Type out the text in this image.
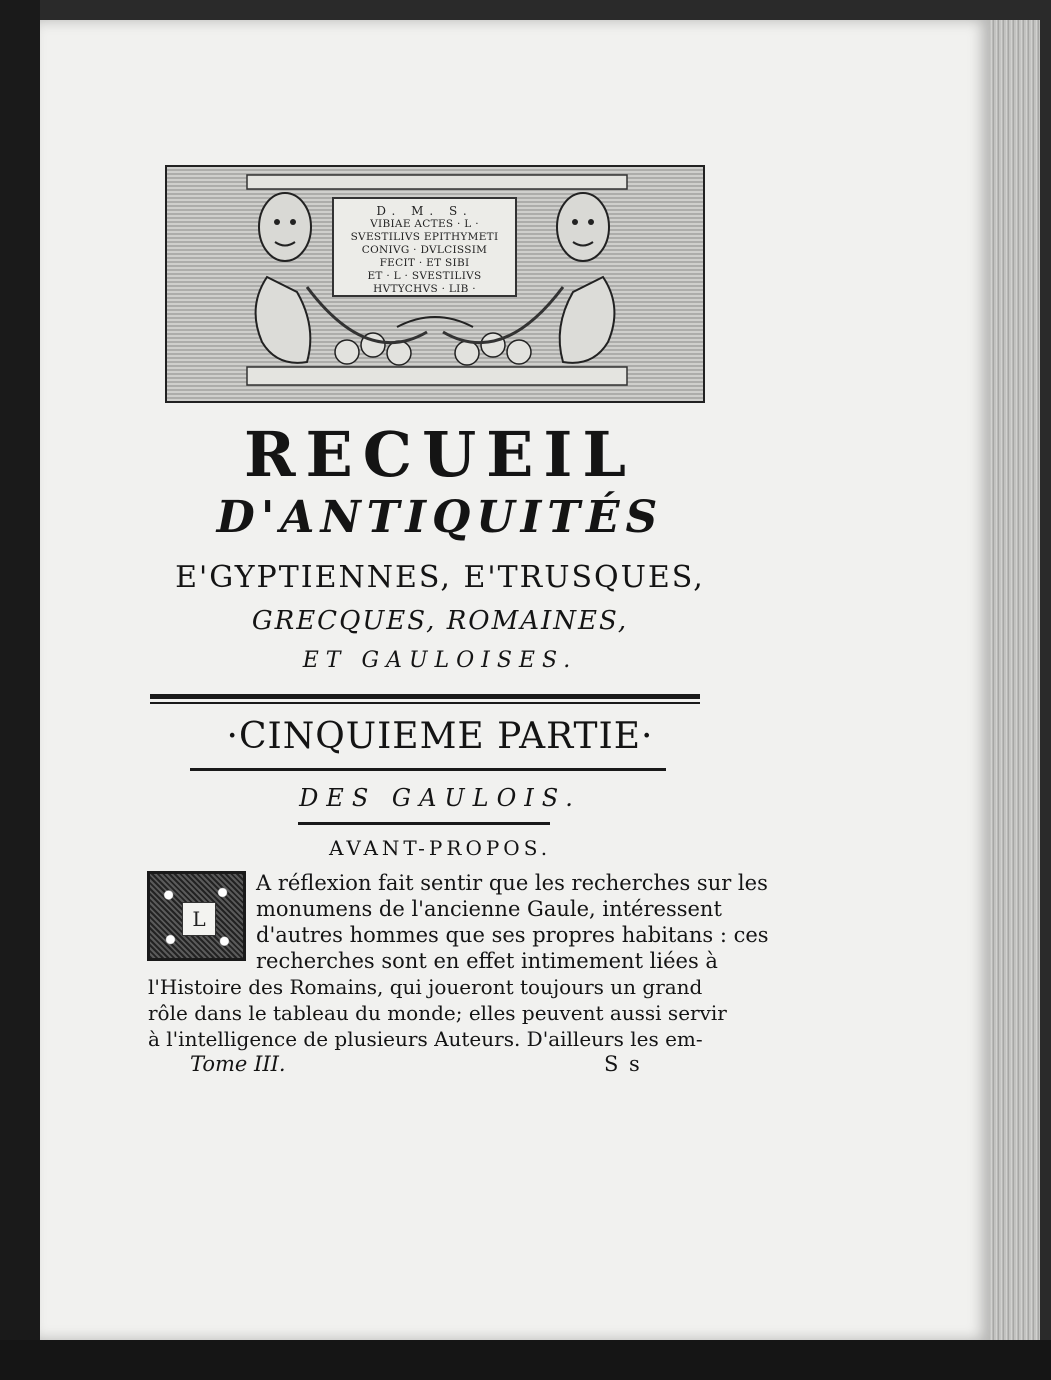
D. M. S.
VIBIAE ACTES · L ·
SVESTILIVS EPITHYMETI
CONIVG · DVLCISSIM
FECIT · ET SIBI
ET · L · SVESTILIVS
HVTYCHVS · LIB ·
RECUEIL
D'ANTIQUITÉS
E'GYPTIENNES, E'TRUSQUES,
GRECQUES, ROMAINES,
ET GAULOISES.
·CINQUIEME PARTIE·
DES GAULOIS.
AVANT-PROPOS.
L
A réflexion fait sentir que les recherches sur les
monumens de l'ancienne Gaule, intéressent
d'autres hommes que ses propres habitans : ces
recherches sont en effet intimement liées à
l'Histoire des Romains, qui joueront toujours un grand
rôle dans le tableau du monde; elles peuvent aussi servir
à l'intelligence de plusieurs Auteurs. D'ailleurs les em-
Tome III.	S s
